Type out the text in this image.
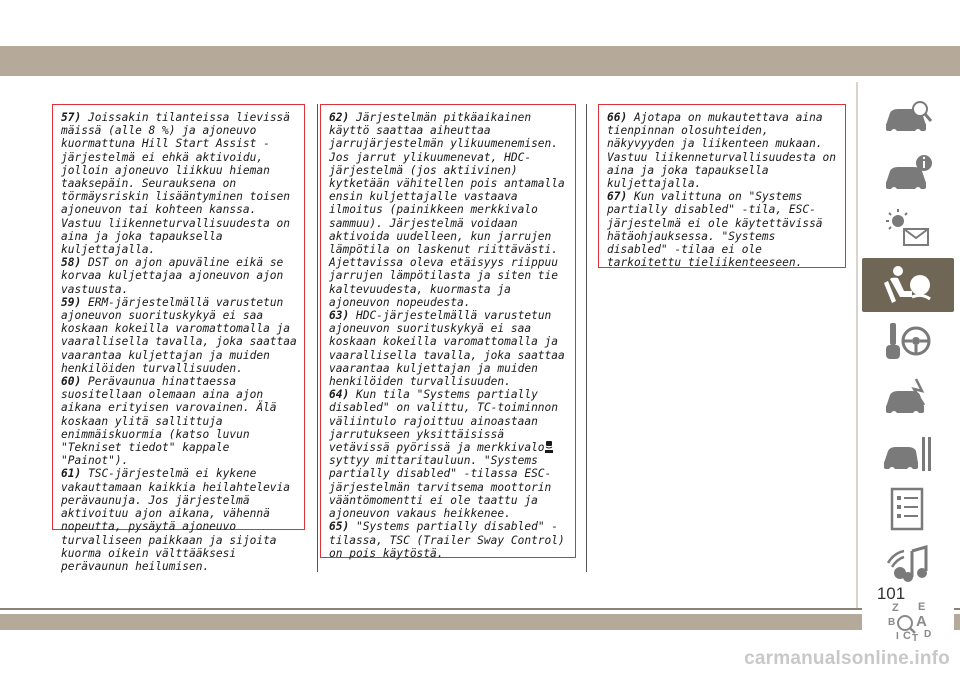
57) Joissakin tilanteissa lievissä mäissä (alle 8 %) ja ajoneuvo kuormattuna Hill Start Assist -järjestelmä ei ehkä aktivoidu, jolloin ajoneuvo liikkuu hieman taaksepäin. Seurauksena on törmäysriskin lisääntyminen toisen ajoneuvon tai kohteen kanssa. Vastuu liikenneturvallisuudesta on aina ja joka tapauksella kuljettajalla.

58) DST on ajon apuväline eikä se korvaa kuljettajaa ajoneuvon ajon vastuusta.

59) ERM-järjestelmällä varustetun ajoneuvon suorituskykyä ei saa koskaan kokeilla varomattomalla ja vaarallisella tavalla, joka saattaa vaarantaa kuljettajan ja muiden henkilöiden turvallisuuden.

60) Perävaunua hinattaessa suositellaan olemaan aina ajon aikana erityisen varovainen. Älä koskaan ylitä sallittuja enimmäiskuormia (katso luvun "Tekniset tiedot" kappale "Painot").

61) TSC-järjestelmä ei kykene vakauttamaan kaikkia heilahtelevia perävaunuja. Jos järjestelmä aktivoituu ajon aikana, vähennä nopeutta, pysäytä ajoneuvo turvalliseen paikkaan ja sijoita kuorma oikein välttääksesi perävaunun heilumisen.

62) Järjestelmän pitkäaikainen käyttö saattaa aiheuttaa jarrujärjestelmän ylikuumenemisen. Jos jarrut ylikuumenevat, HDC-järjestelmä (jos aktiivinen) kytketään vähitellen pois antamalla ensin kuljettajalle vastaava ilmoitus (painikkeen merkkivalo sammuu). Järjestelmä voidaan aktivoida uudelleen, kun jarrujen lämpötila on laskenut riittävästi. Ajettavissa oleva etäisyys riippuu jarrujen lämpötilasta ja siten tie kaltevuudesta, kuormasta ja ajoneuvon nopeudesta.

63) HDC-järjestelmällä varustetun ajoneuvon suorituskykyä ei saa koskaan kokeilla varomattomalla ja vaarallisella tavalla, joka saattaa vaarantaa kuljettajan ja muiden henkilöiden turvallisuuden.

64) Kun tila "Systems partially disabled" on valittu, TC-toiminnon väliintulo rajoittuu ainoastaan jarrutukseen yksittäisissä vetävissä pyörissä ja merkkivalosyttyy mittaritauluun. "Systems partially disabled" -tilassa ESC-järjestelmän tarvitsema moottorin vääntömomentti ei ole taattu ja ajoneuvon vakaus heikkenee.

65) "Systems partially disabled" -tilassa, TSC (Trailer Sway Control) on pois käytöstä.

66) Ajotapa on mukautettava aina tienpinnan olosuhteiden, näkyvyyden ja liikenteen mukaan. Vastuu liikenneturvallisuudesta on aina ja joka tapauksella kuljettajalla.

67) Kun valittuna on "Systems partially disabled" -tila, ESC-järjestelmä ei ole käytettävissä hätäohjauksessa. "Systems disabled" -tilaa ei ole tarkoitettu tieliikenteeseen.

Z E
B A
I C T D
101
carmanualsonline.info
